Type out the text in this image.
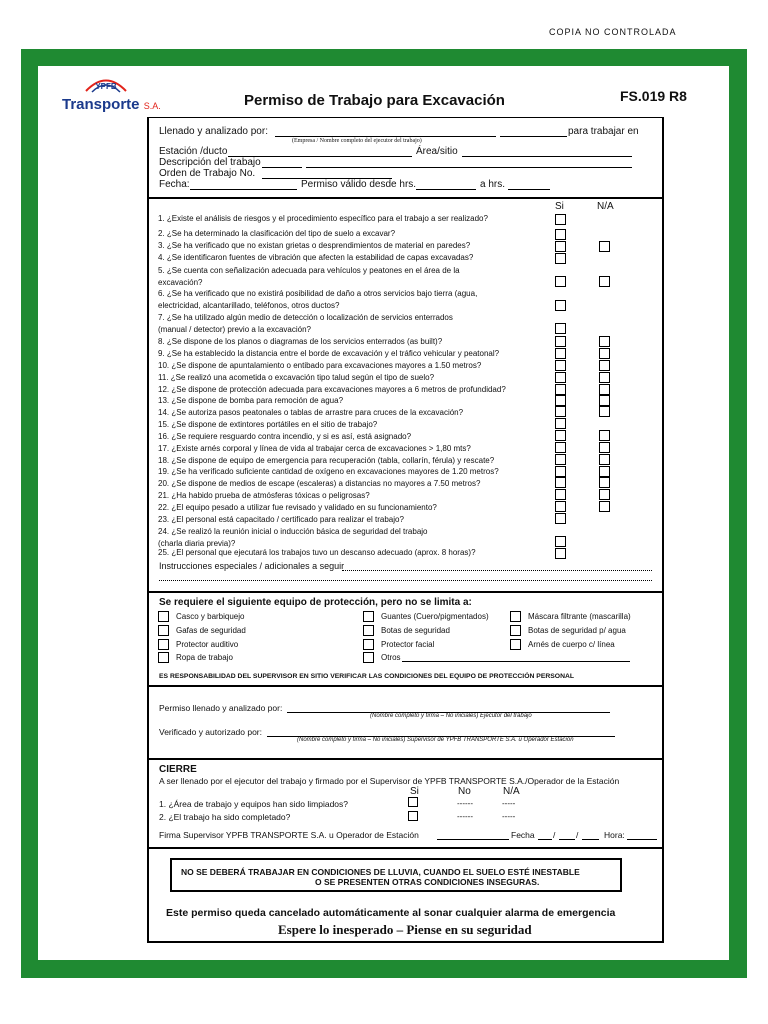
COPIA NO CONTROLADA
YPFB
Transporte S.A.	Permiso de Trabajo para Excavación	FS.019 R8
Llenado y analizado por:	para trabajar en
(Empresa / Nombre completo del ejecutor del trabajo)
Estación /ducto	Área/sitio
Descripción del trabajo
Orden de Trabajo No.
Fecha:	Permiso válido desde hrs.	a hrs.
Si	N/A
1. ¿Existe el análisis de riesgos y el procedimiento específico para el trabajo a ser realizado?
2. ¿Se ha determinado la clasificación del tipo de suelo a excavar?
3. ¿Se ha verificado que no existan grietas o desprendimientos de material en paredes?
4. ¿Se identificaron fuentes de vibración que afecten la estabilidad de capas excavadas?
5. ¿Se cuenta con señalización adecuada para vehículos y peatones en el área de la
excavación?
6. ¿Se ha verificado que no existirá posibilidad de daño a otros servicios bajo tierra (agua,
electricidad, alcantarillado, teléfonos, otros ductos?
7. ¿Se ha utilizado algún medio de detección o localización de servicios enterrados
(manual / detector) previo a la excavación?
8. ¿Se dispone de los planos o diagramas de los servicios enterrados (as built)?
9. ¿Se ha establecido la distancia entre el borde de excavación y el tráfico vehicular y peatonal?
10. ¿Se dispone de apuntalamiento o entibado para excavaciones mayores a 1.50 metros?
11. ¿Se realizó una acometida o excavación tipo talud según el tipo de suelo?
12. ¿Se dispone de protección adecuada para excavaciones mayores a 6 metros de profundidad?
13. ¿Se dispone de bomba para remoción de agua?
14. ¿Se autoriza pasos peatonales o tablas de arrastre para cruces de la excavación?
15. ¿Se dispone de extintores portátiles en el sitio de trabajo?
16. ¿Se requiere resguardo contra incendio, y si es así, está asignado?
17. ¿Existe arnés corporal y línea de vida al trabajar cerca de excavaciones > 1,80 mts?
18. ¿Se dispone de equipo de emergencia para recuperación (tabla, collarín, férula) y rescate?
19. ¿Se ha verificado suficiente cantidad de oxígeno en excavaciones mayores de 1.20 metros?
20. ¿Se dispone de medios de escape (escaleras) a distancias no mayores a 7.50 metros?
21. ¿Ha habido prueba de atmósferas tóxicas o peligrosas?
22. ¿El equipo pesado a utilizar fue revisado y validado en su funcionamiento?
23. ¿El personal está capacitado / certificado para realizar el trabajo?
24. ¿Se realizó la reunión inicial o inducción básica de seguridad del trabajo
(charla diaria previa)?
25. ¿El personal que ejecutará los trabajos tuvo un descanso adecuado (aprox. 8 horas)?
Instrucciones especiales / adicionales a seguir
Se requiere el siguiente equipo de protección, pero no se limita a:
Casco y barbiquejo
Gafas de seguridad
Protector auditivo
Ropa de trabajo
Guantes (Cuero/pigmentados)
Botas de seguridad
Protector facial
Otros
Máscara filtrante (mascarilla)
Botas de seguridad p/ agua
Arnés de cuerpo c/ línea
ES RESPONSABILIDAD DEL SUPERVISOR EN SITIO VERIFICAR LAS CONDICIONES DEL EQUIPO DE PROTECCIÓN PERSONAL
Permiso llenado y analizado por:
(Nombre completo y firma – No iniciales) Ejecutor del trabajo
Verificado y autorizado por:
(Nombre completo y firma – No iniciales) Supervisor de YPFB TRANSPORTE S.A. u Operador Estación
CIERRE
A ser llenado por el ejecutor del trabajo y firmado por el Supervisor de YPFB TRANSPORTE S.A./Operador de la Estación
Si	No	N/A
1. ¿Área de trabajo y equipos han sido limpiados?	------	-----
2. ¿El trabajo ha sido completado?	------	-----
Firma Supervisor YPFB TRANSPORTE S.A. u Operador de Estación	Fecha / /	Hora:
NO SE DEBERÁ TRABAJAR EN CONDICIONES DE LLUVIA, CUANDO EL SUELO ESTÉ INESTABLE
O SE PRESENTEN OTRAS CONDICIONES INSEGURAS.
Este permiso queda cancelado automáticamente al sonar cualquier alarma de emergencia
Espere lo inesperado – Piense en su seguridad
